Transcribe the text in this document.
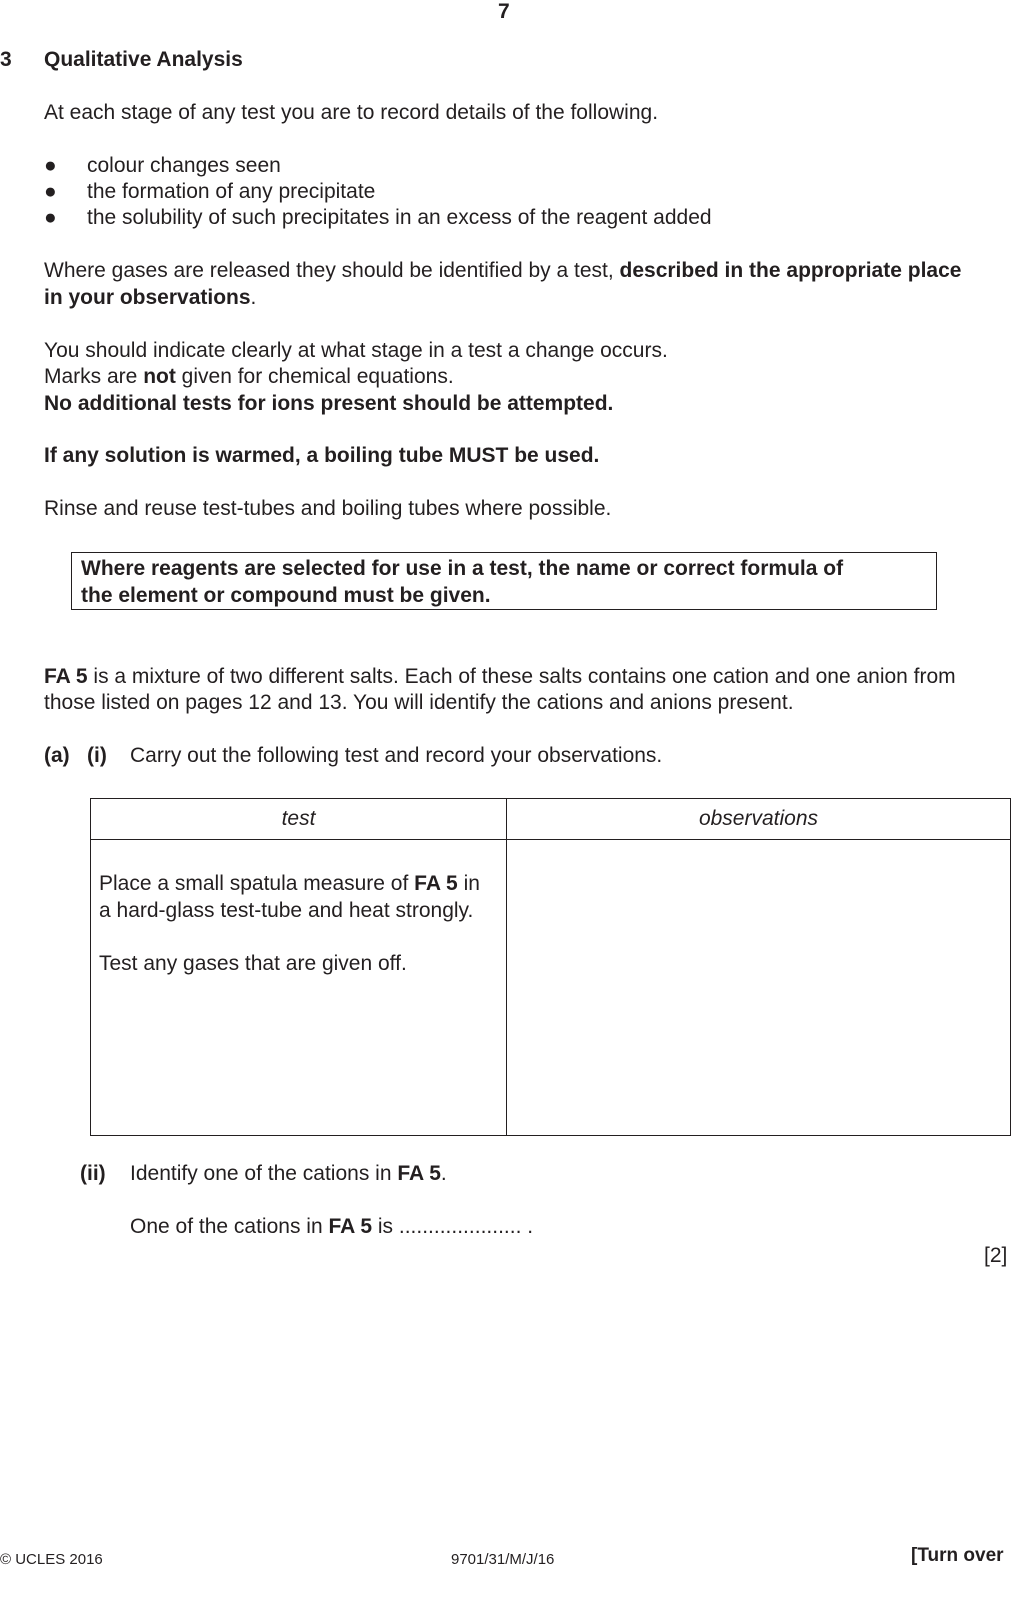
7
3 Qualitative Analysis
At each stage of any test you are to record details of the following.
● colour changes seen
● the formation of any precipitate
● the solubility of such precipitates in an excess of the reagent added
Where gases are released they should be identified by a test, described in the appropriate place
in your observations.
You should indicate clearly at what stage in a test a change occurs.
Marks are not given for chemical equations.
No additional tests for ions present should be attempted.
If any solution is warmed, a boiling tube MUST be used.
Rinse and reuse test-tubes and boiling tubes where possible.
Where reagents are selected for use in a test, the name or correct formula of
the element or compound must be given.
FA 5 is a mixture of two different salts. Each of these salts contains one cation and one anion from
those listed on pages 12 and 13. You will identify the cations and anions present.
(a) (i) Carry out the following test and record your observations.
test	observations

Place a small spatula measure of FA 5 in
a hard-glass test-tube and heat strongly.

Test any gases that are given off.	

(ii) Identify one of the cations in FA 5.
One of the cations in FA 5 is ..................... .
[2]
© UCLES 2016	9701/31/M/J/16	[Turn over
